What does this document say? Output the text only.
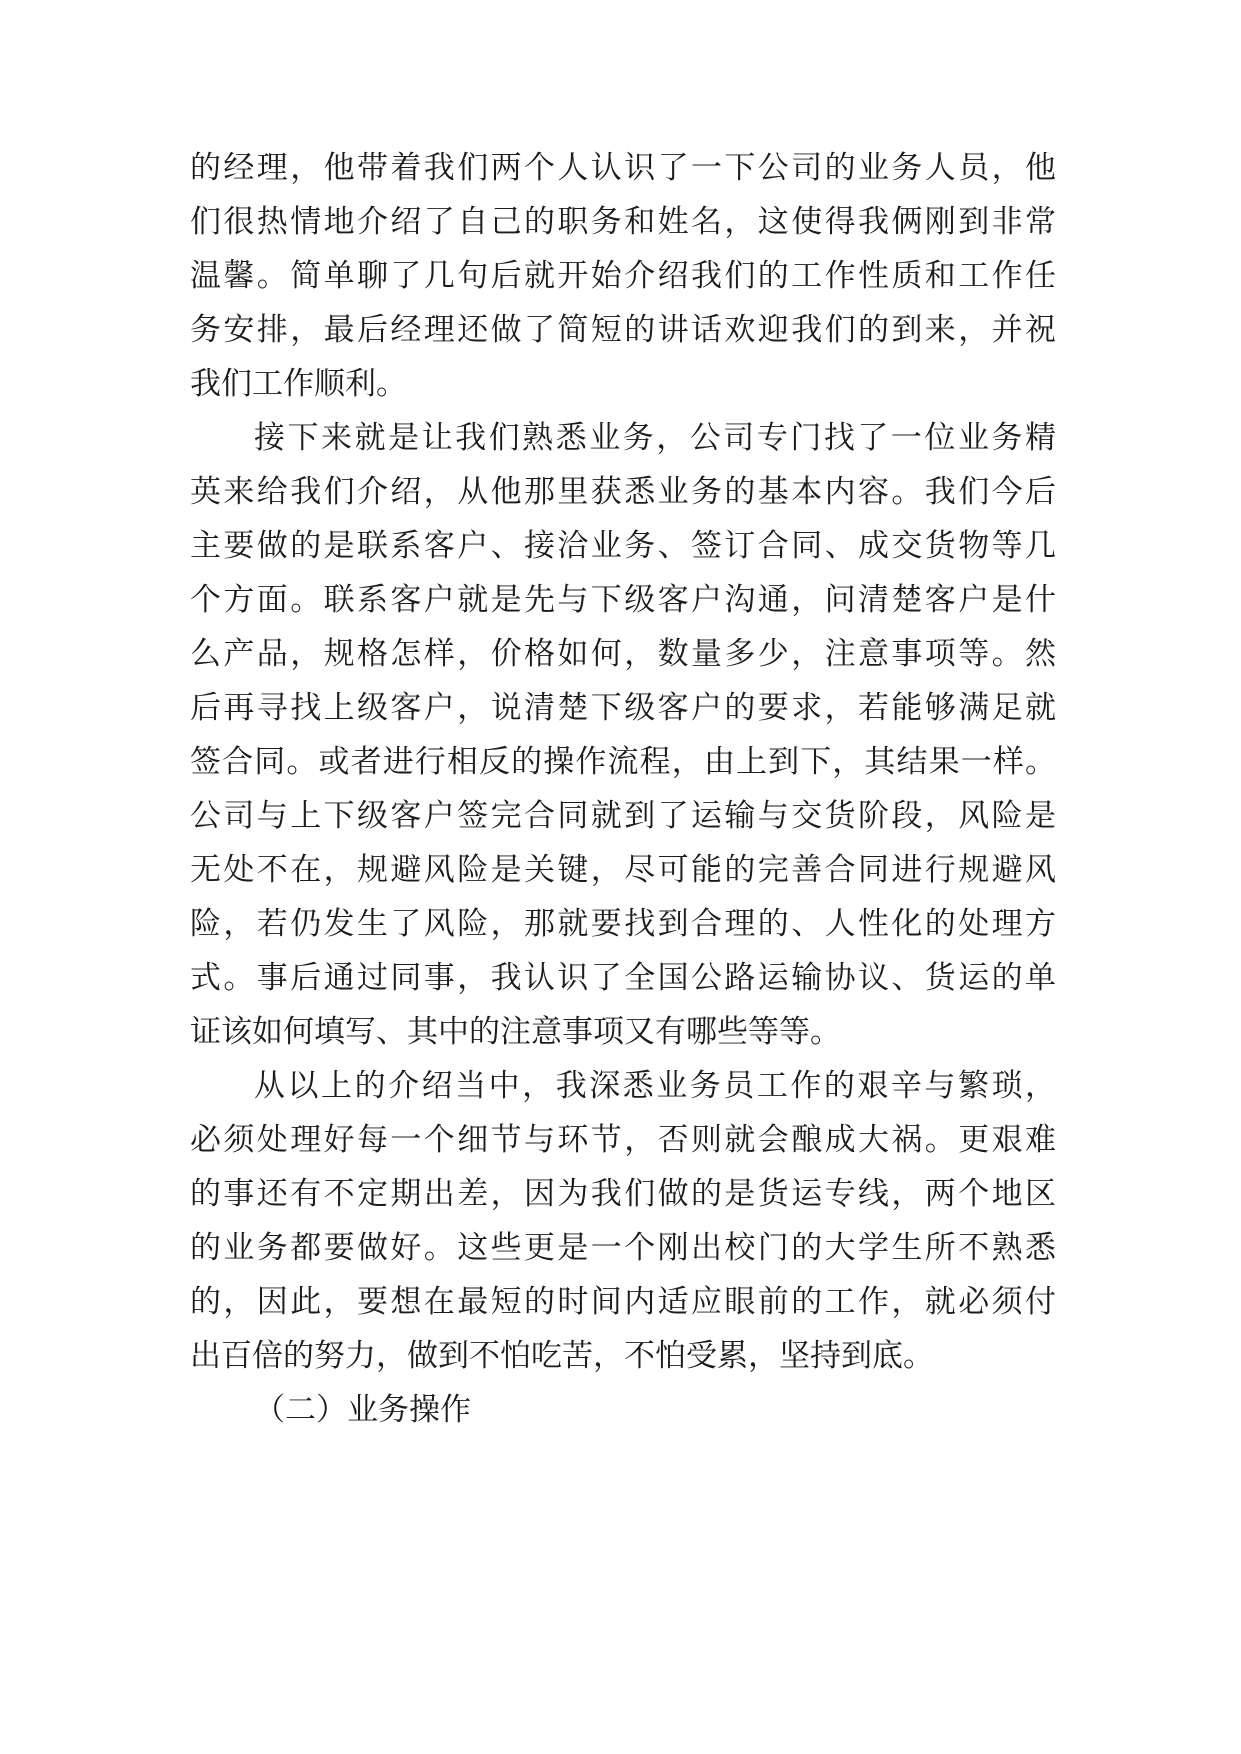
的经理，他带着我们两个人认识了一下公司的业务人员，他
们很热情地介绍了自己的职务和姓名，这使得我俩刚到非常
温馨。简单聊了几句后就开始介绍我们的工作性质和工作任
务安排，最后经理还做了简短的讲话欢迎我们的到来，并祝
我们工作顺利。
接下来就是让我们熟悉业务，公司专门找了一位业务精
英来给我们介绍，从他那里获悉业务的基本内容。我们今后
主要做的是联系客户、接洽业务、签订合同、成交货物等几
个方面。联系客户就是先与下级客户沟通，问清楚客户是什
么产品，规格怎样，价格如何，数量多少，注意事项等。然
后再寻找上级客户，说清楚下级客户的要求，若能够满足就
签合同。或者进行相反的操作流程，由上到下，其结果一样。
公司与上下级客户签完合同就到了运输与交货阶段，风险是
无处不在，规避风险是关键，尽可能的完善合同进行规避风
险，若仍发生了风险，那就要找到合理的、人性化的处理方
式。事后通过同事，我认识了全国公路运输协议、货运的单
证该如何填写、其中的注意事项又有哪些等等。
从以上的介绍当中，我深悉业务员工作的艰辛与繁琐，
必须处理好每一个细节与环节，否则就会酿成大祸。更艰难
的事还有不定期出差，因为我们做的是货运专线，两个地区
的业务都要做好。这些更是一个刚出校门的大学生所不熟悉
的，因此，要想在最短的时间内适应眼前的工作，就必须付
出百倍的努力，做到不怕吃苦，不怕受累，坚持到底。
（二）业务操作
